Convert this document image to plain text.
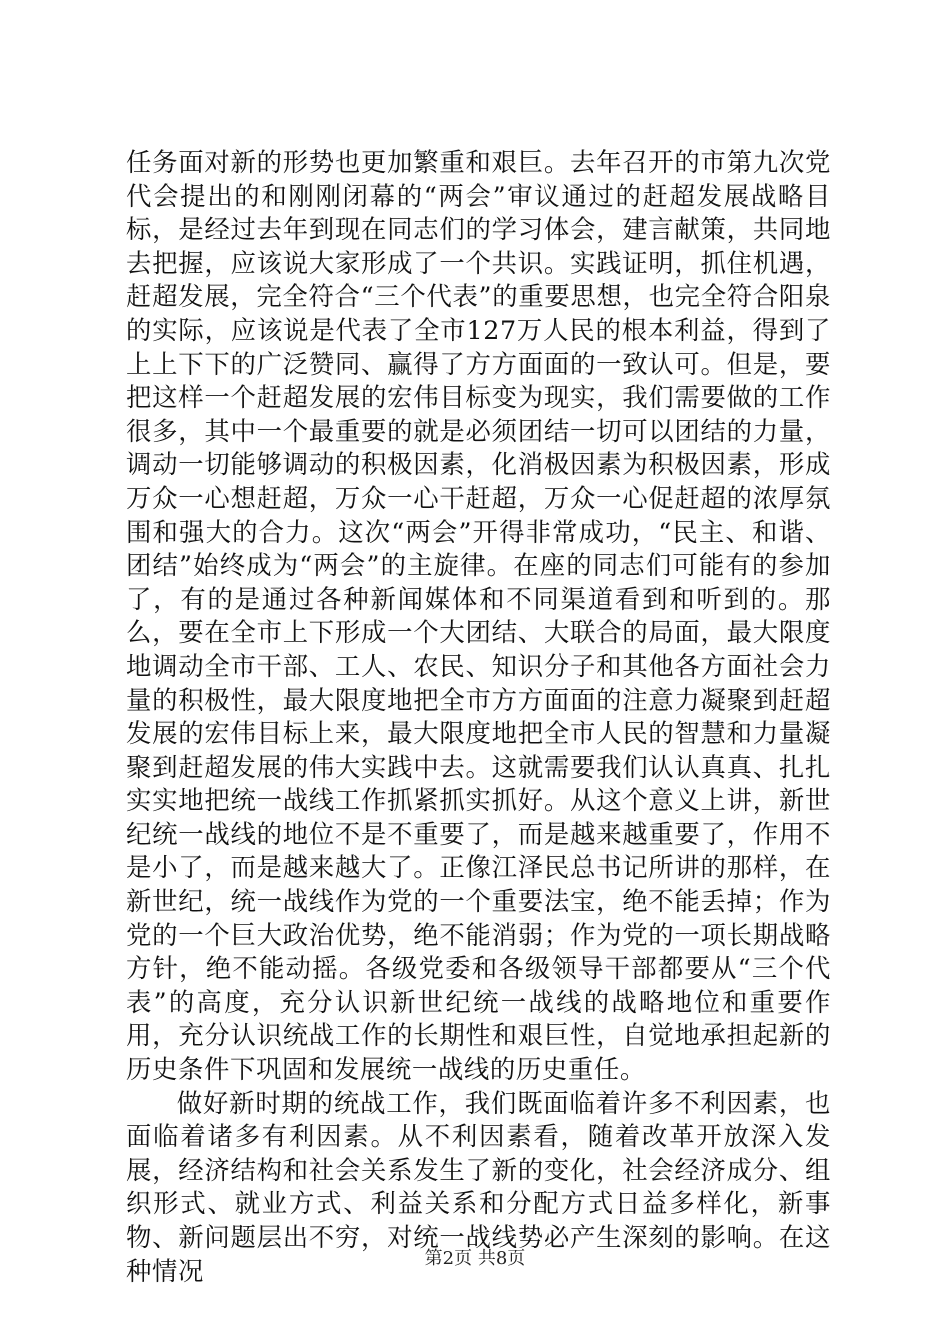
任务面对新的形势也更加繁重和艰巨。去年召开的市第九次党代会提出的和刚刚闭幕的“两会”审议通过的赶超发展战略目标，是经过去年到现在同志们的学习体会，建言献策，共同地去把握，应该说大家形成了一个共识。实践证明，抓住机遇，赶超发展，完全符合“三个代表”的重要思想，也完全符合阳泉的实际，应该说是代表了全市127万人民的根本利益，得到了上上下下的广泛赞同、赢得了方方面面的一致认可。但是，要把这样一个赶超发展的宏伟目标变为现实，我们需要做的工作很多，其中一个最重要的就是必须团结一切可以团结的力量，调动一切能够调动的积极因素，化消极因素为积极因素，形成万众一心想赶超，万众一心干赶超，万众一心促赶超的浓厚氛围和强大的合力。这次“两会”开得非常成功，“民主、和谐、团结”始终成为“两会”的主旋律。在座的同志们可能有的参加了，有的是通过各种新闻媒体和不同渠道看到和听到的。那么，要在全市上下形成一个大团结、大联合的局面，最大限度地调动全市干部、工人、农民、知识分子和其他各方面社会力量的积极性，最大限度地把全市方方面面的注意力凝聚到赶超发展的宏伟目标上来，最大限度地把全市人民的智慧和力量凝聚到赶超发展的伟大实践中去。这就需要我们认认真真、扎扎实实地把统一战线工作抓紧抓实抓好。从这个意义上讲，新世纪统一战线的地位不是不重要了，而是越来越重要了，作用不是小了，而是越来越大了。正像江泽民总书记所讲的那样，在新世纪，统一战线作为党的一个重要法宝，绝不能丢掉；作为党的一个巨大政治优势，绝不能消弱；作为党的一项长期战略方针，绝不能动摇。各级党委和各级领导干部都要从“三个代表”的高度，充分认识新世纪统一战线的战略地位和重要作用，充分认识统战工作的长期性和艰巨性，自觉地承担起新的历史条件下巩固和发展统一战线的历史重任。

做好新时期的统战工作，我们既面临着许多不利因素，也面临着诸多有利因素。从不利因素看，随着改革开放深入发展，经济结构和社会关系发生了新的变化，社会经济成分、组织形式、就业方式、利益关系和分配方式日益多样化，新事物、新问题层出不穷，对统一战线势必产生深刻的影响。在这种情况	第2页 共8页
